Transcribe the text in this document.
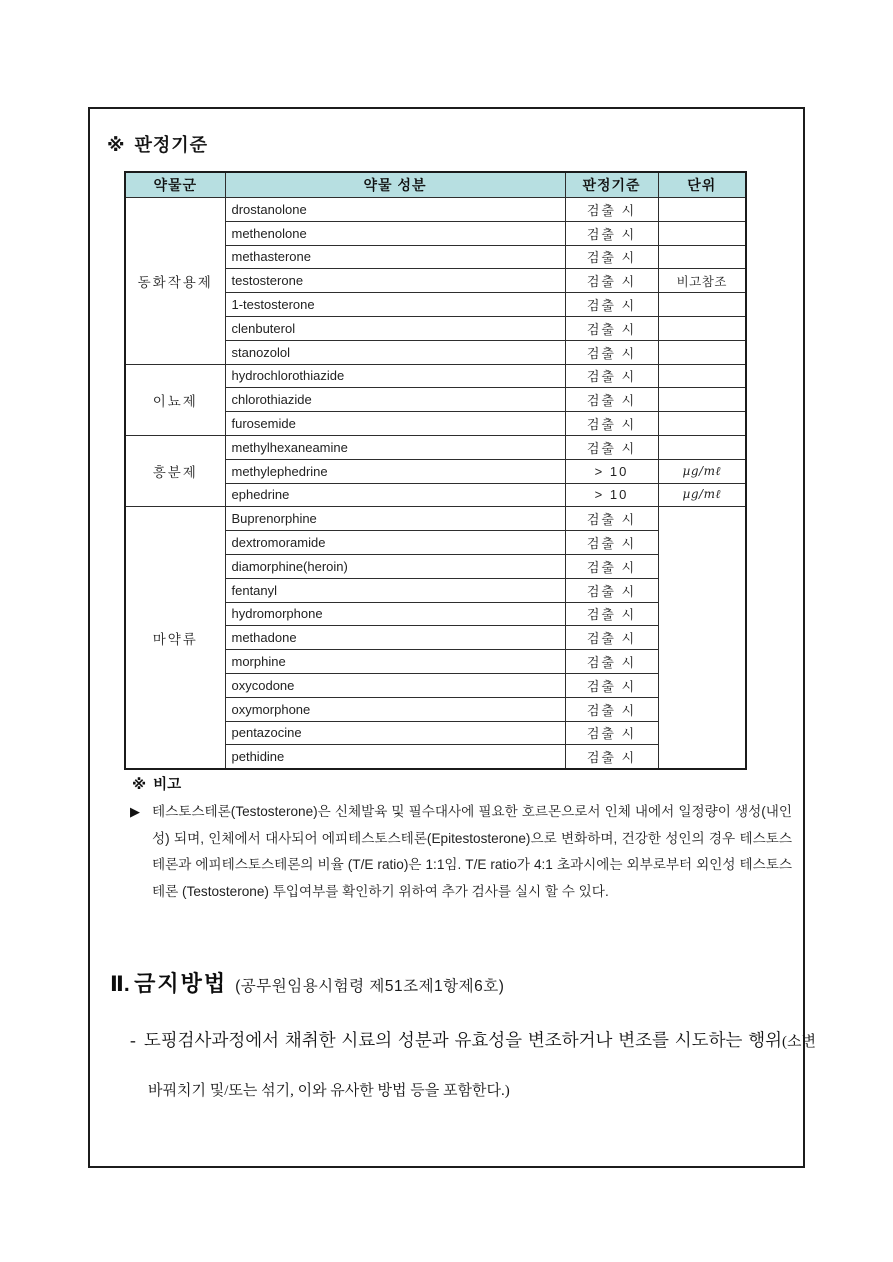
※ 판정기준
약물군	약물 성분	판정기준	단위
동화작용제	drostanolone	검출 시	
	methenolone	검출 시	
	methasterone	검출 시	
	testosterone	검출 시	비고참조
	1-testosterone	검출 시	
	clenbuterol	검출 시	
	stanozolol	검출 시	
이뇨제	hydrochlorothiazide	검출 시	
	chlorothiazide	검출 시	
	furosemide	검출 시	
흥분제	methylhexaneamine	검출 시	
	methylephedrine	> 10	µg/mℓ
	ephedrine	> 10	µg/mℓ
마약류	Buprenorphine	검출 시	
	dextromoramide	검출 시	
	diamorphine(heroin)	검출 시	
	fentanyl	검출 시	
	hydromorphone	검출 시	
	methadone	검출 시	
	morphine	검출 시	
	oxycodone	검출 시	
	oxymorphone	검출 시	
	pentazocine	검출 시	
	pethidine	검출 시	
※ 비고
▶ 테스토스테론(Testosterone)은 신체발육 및 필수대사에 필요한 호르몬으로서 인체 내에서 일정량이 생성(내인성) 되며, 인체에서 대사되어 에피테스토스테론(Epitestosterone)으로 변화하며, 건강한 성인의 경우 테스토스테론과 에피테스토스테론의 비율 (T/E ratio)은 1:1임. T/E ratio가 4:1 초과시에는 외부로부터 외인성 테스토스테론 (Testosterone) 투입여부를 확인하기 위하여 추가 검사를 실시 할 수 있다.
Ⅱ. 금지방법 (공무원임용시험령 제51조제1항제6호)
- 도핑검사과정에서 채취한 시료의 성분과 유효성을 변조하거나 변조를 시도하는 행위(소변 바꿔치기 및/또는 섞기, 이와 유사한 방법 등을 포함한다.)
